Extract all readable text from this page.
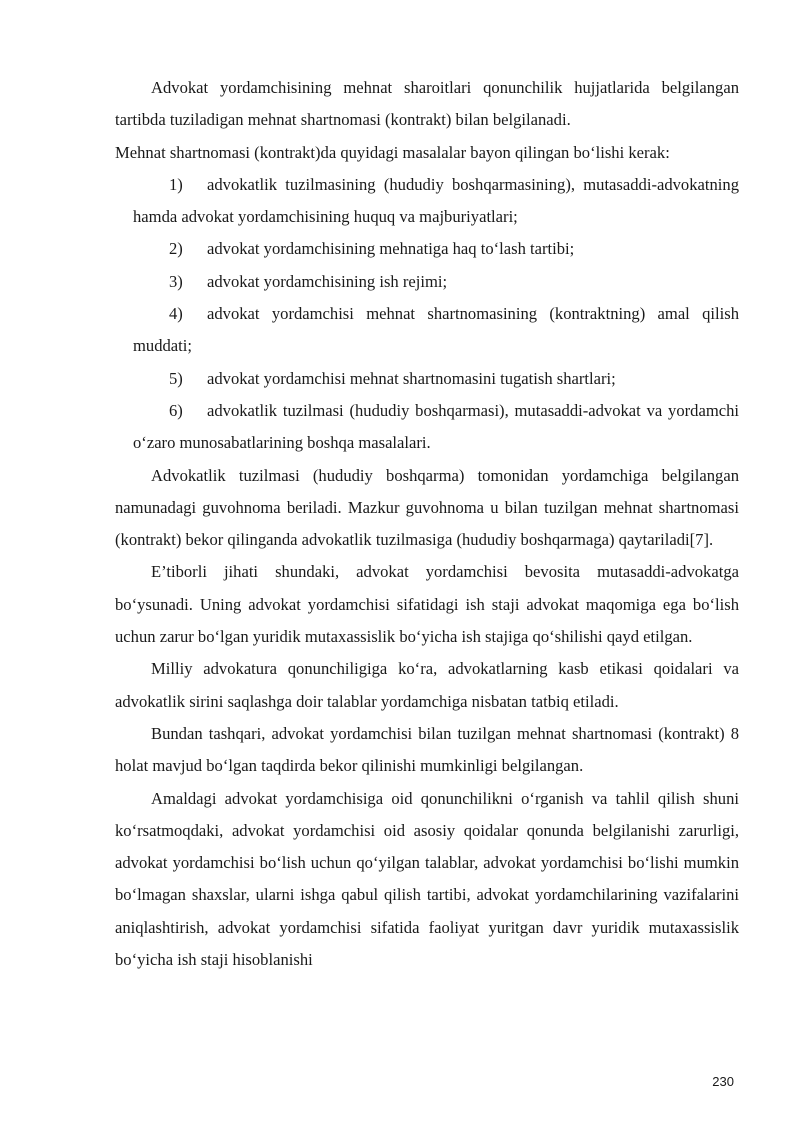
Advokat yordamchisining mehnat sharoitlari qonunchilik hujjatlarida belgilangan tartibda tuziladigan mehnat shartnomasi (kontrakt) bilan belgilanadi.

Mehnat shartnomasi (kontrakt)da quyidagi masalalar bayon qilingan bo‘lishi kerak:

1) advokatlik tuzilmasining (hududiy boshqarmasining), mutasaddi-advokatning hamda advokat yordamchisining huquq va majburiyatlari;
2) advokat yordamchisining mehnatiga haq to‘lash tartibi;
3) advokat yordamchisining ish rejimi;
4) advokat yordamchisi mehnat shartnomasining (kontraktning) amal qilish muddati;
5) advokat yordamchisi mehnat shartnomasini tugatish shartlari;
6) advokatlik tuzilmasi (hududiy boshqarmasi), mutasaddi-advokat va yordamchi o‘zaro munosabatlarining boshqa masalalari.

Advokatlik tuzilmasi (hududiy boshqarma) tomonidan yordamchiga belgilangan namunadagi guvohnoma beriladi. Mazkur guvohnoma u bilan tuzilgan mehnat shartnomasi (kontrakt) bekor qilinganda advokatlik tuzilmasiga (hududiy boshqarmaga) qaytariladi[7].

E’tiborli jihati shundaki, advokat yordamchisi bevosita mutasaddi-advokatga bo‘ysunadi. Uning advokat yordamchisi sifatidagi ish staji advokat maqomiga ega bo‘lish uchun zarur bo‘lgan yuridik mutaxassislik bo‘yicha ish stajiga qo‘shilishi qayd etilgan.

Milliy advokatura qonunchiligiga ko‘ra, advokatlarning kasb etikasi qoidalari va advokatlik sirini saqlashga doir talablar yordamchiga nisbatan tatbiq etiladi.

Bundan tashqari, advokat yordamchisi bilan tuzilgan mehnat shartnomasi (kontrakt) 8 holat mavjud bo‘lgan taqdirda bekor qilinishi mumkinligi belgilangan.

Amaldagi advokat yordamchisiga oid qonunchilikni o‘rganish va tahlil qilish shuni ko‘rsatmoqdaki, advokat yordamchisi oid asosiy qoidalar qonunda belgilanishi zarurligi, advokat yordamchisi bo‘lish uchun qo‘yilgan talablar, advokat yordamchisi bo‘lishi mumkin bo‘lmagan shaxslar, ularni ishga qabul qilish tartibi, advokat yordamchilarining vazifalarini aniqlashtirish, advokat yordamchisi sifatida faoliyat yuritgan davr yuridik mutaxassislik bo‘yicha ish staji hisoblanishi

230
